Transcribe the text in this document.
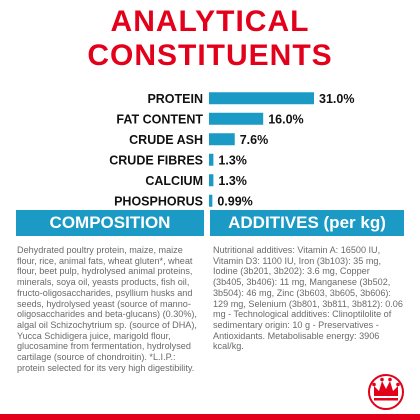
ANALYTICAL
CONSTITUENTS
PROTEIN	31.0%
FAT CONTENT	16.0%
CRUDE ASH	7.6%
CRUDE FIBRES 1.3%
CALCIUM 1.3%
PHOSPHORUS 0.99%
COMPOSITION	ADDITIVES (per kg)
Dehydrated poultry protein, maize, maize flour, rice, animal fats, wheat gluten*, wheat flour, beet pulp, hydrolysed animal proteins, minerals, soya oil, yeasts products, fish oil, fructo-oligosaccharides, psyllium husks and seeds, hydrolysed yeast (source of manno-oligosaccharides and beta-glucans) (0.30%), algal oil Schizochytrium sp. (source of DHA), Yucca Schidigera juice, marigold flour, glucosamine from fermentation, hydrolysed cartilage (source of chondroitin). *L.I.P.: protein selected for its very high digestibility.
Nutritional additives: Vitamin A: 16500 IU, Vitamin D3: 1100 IU, Iron (3b103): 35 mg, Iodine (3b201, 3b202): 3.6 mg, Copper (3b405, 3b406): 11 mg, Manganese (3b502, 3b504): 46 mg, Zinc (3b603, 3b605, 3b606): 129 mg, Selenium (3b801, 3b811, 3b812): 0.06 mg - Technological additives: Clinoptilolite of sedimentary origin: 10 g - Preservatives - Antioxidants. Metabolisable energy: 3906 kcal/kg.
